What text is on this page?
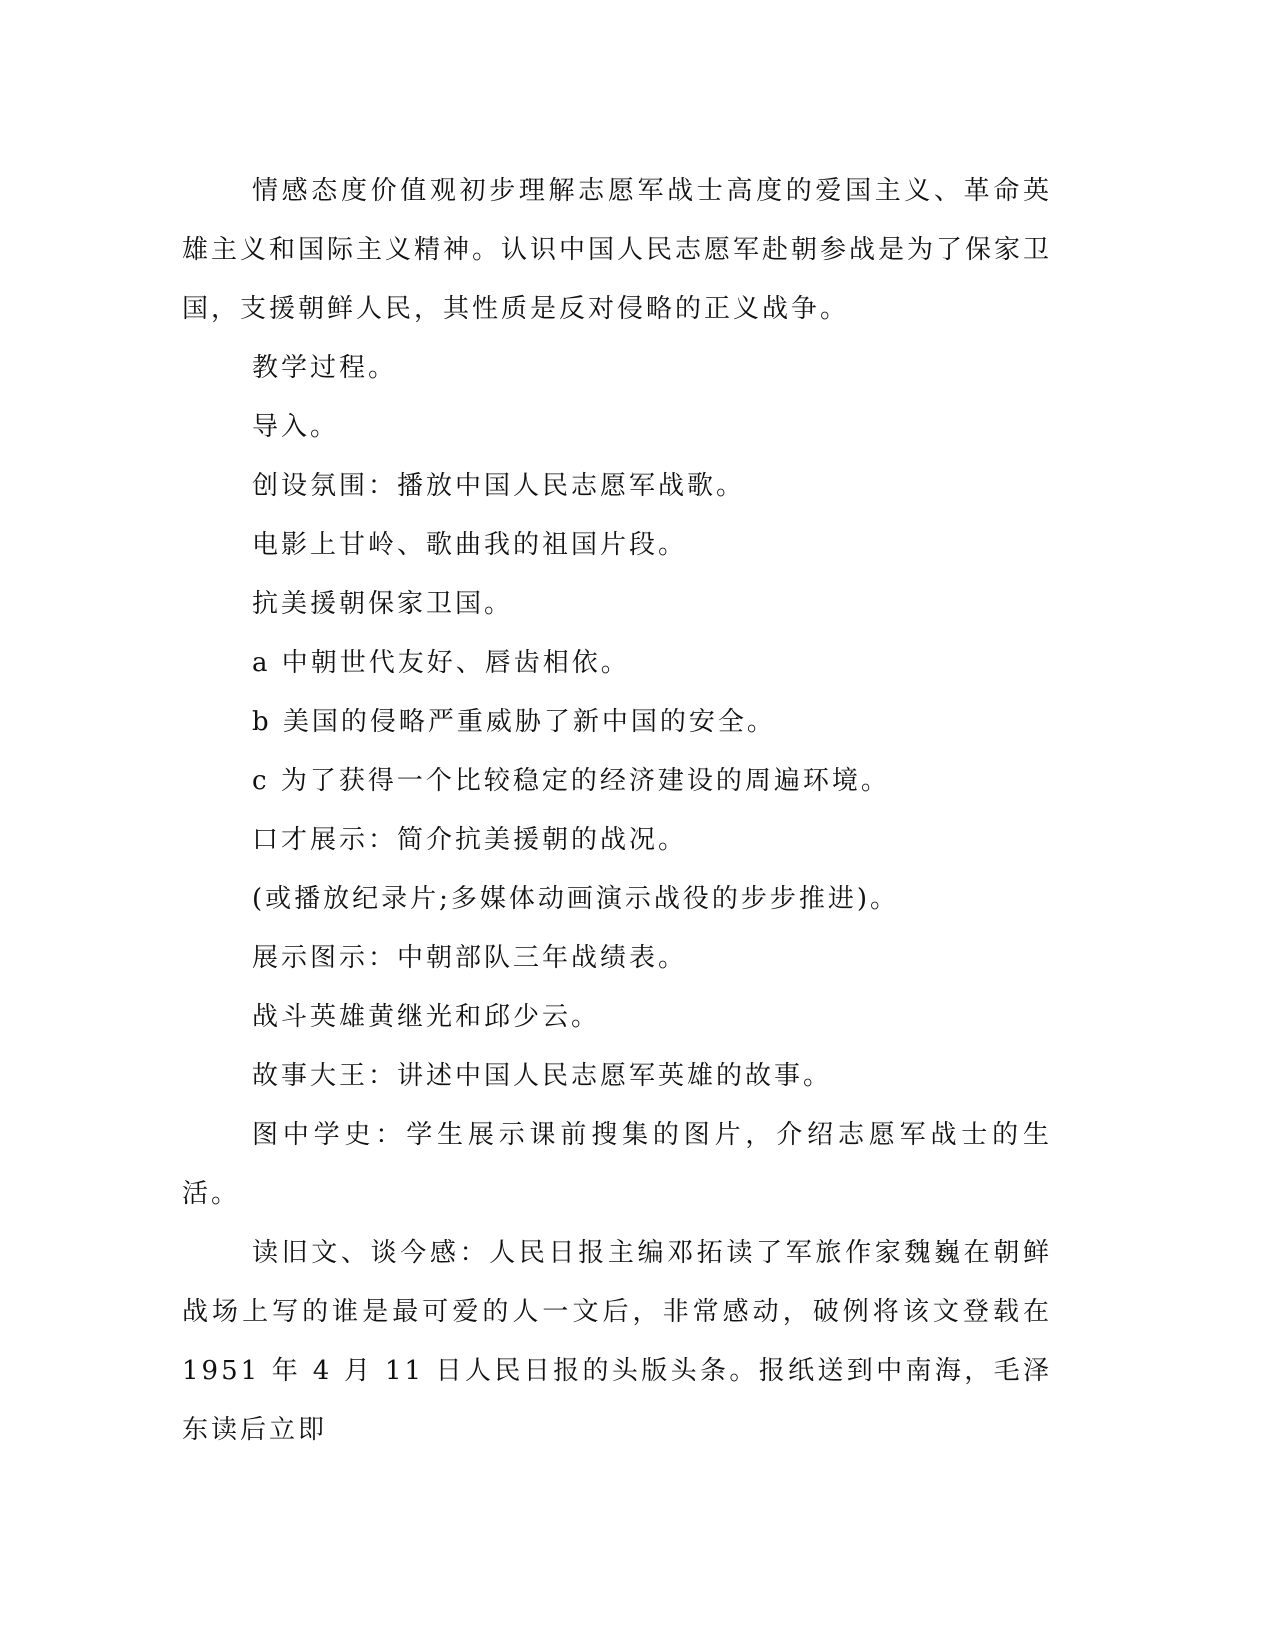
情感态度价值观初步理解志愿军战士高度的爱国主义、革命英雄主义和国际主义精神。认识中国人民志愿军赴朝参战是为了保家卫国，支援朝鲜人民，其性质是反对侵略的正义战争。

教学过程。

导入。

创设氛围：播放中国人民志愿军战歌。

电影上甘岭、歌曲我的祖国片段。

抗美援朝保家卫国。

a 中朝世代友好、唇齿相依。

b 美国的侵略严重威胁了新中国的安全。

c 为了获得一个比较稳定的经济建设的周遍环境。

口才展示：简介抗美援朝的战况。

(或播放纪录片;多媒体动画演示战役的步步推进)。

展示图示：中朝部队三年战绩表。

战斗英雄黄继光和邱少云。

故事大王：讲述中国人民志愿军英雄的故事。

图中学史：学生展示课前搜集的图片，介绍志愿军战士的生活。

读旧文、谈今感：人民日报主编邓拓读了军旅作家魏巍在朝鲜战场上写的谁是最可爱的人一文后，非常感动，破例将该文登载在 1951 年 4 月 11 日人民日报的头版头条。报纸送到中南海，毛泽东读后立即
